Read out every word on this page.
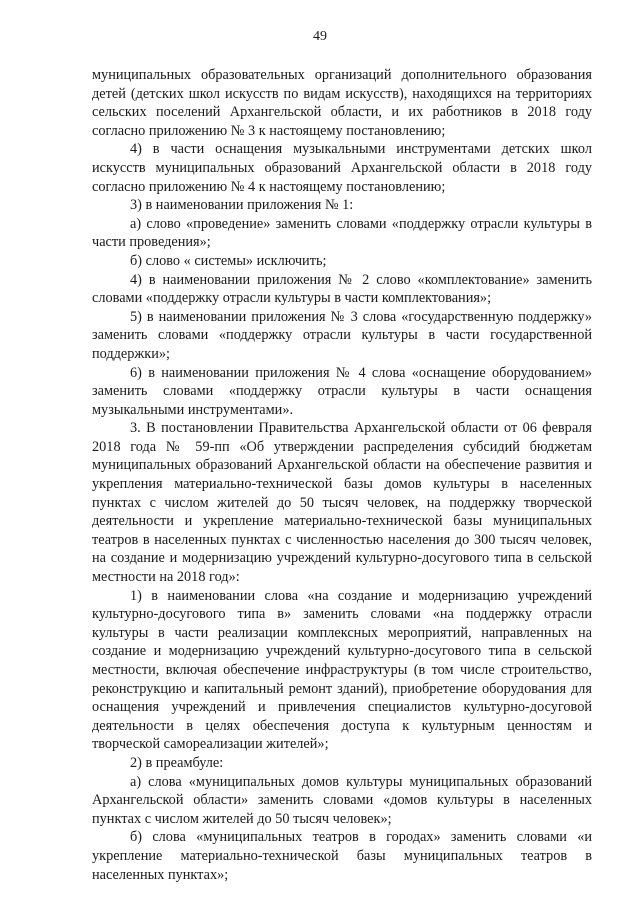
49

муниципальных образовательных организаций дополнительного образования детей (детских школ искусств по видам искусств), находящихся на территориях сельских поселений Архангельской области, и их работников в 2018 году согласно приложению № 3 к настоящему постановлению;

4) в части оснащения музыкальными инструментами детских школ искусств муниципальных образований Архангельской области в 2018 году согласно приложению № 4 к настоящему постановлению;

3) в наименовании приложения № 1:

а) слово «проведение» заменить словами «поддержку отрасли культуры в части проведения»;

б) слово « системы» исключить;

4) в наименовании приложения № 2 слово «комплектование» заменить словами «поддержку отрасли культуры в части комплектования»;

5) в наименовании приложения № 3 слова «государственную поддержку» заменить словами «поддержку отрасли культуры в части государственной поддержки»;

6) в наименовании приложения № 4 слова «оснащение оборудованием» заменить словами «поддержку отрасли культуры в части оснащения музыкальными инструментами».

3. В постановлении Правительства Архангельской области от 06 февраля 2018 года № 59-пп «Об утверждении распределения субсидий бюджетам муниципальных образований Архангельской области на обеспечение развития и укрепления материально-технической базы домов культуры в населенных пунктах с числом жителей до 50 тысяч человек, на поддержку творческой деятельности и укрепление материально-технической базы муниципальных театров в населенных пунктах с численностью населения до 300 тысяч человек, на создание и модернизацию учреждений культурно-досугового типа в сельской местности на 2018 год»:

1) в наименовании слова «на создание и модернизацию учреждений культурно-досугового типа в» заменить словами «на поддержку отрасли культуры в части реализации комплексных мероприятий, направленных на создание и модернизацию учреждений культурно-досугового типа в сельской местности, включая обеспечение инфраструктуры (в том числе строительство, реконструкцию и капитальный ремонт зданий), приобретение оборудования для оснащения учреждений и привлечения специалистов культурно-досуговой деятельности в целях обеспечения доступа к культурным ценностям и творческой самореализации жителей»;

2) в преамбуле:

а) слова «муниципальных домов культуры муниципальных образований Архангельской области» заменить словами «домов культуры в населенных пунктах с числом жителей до 50 тысяч человек»;

б) слова «муниципальных театров в городах» заменить словами «и укрепление материально-технической базы муниципальных театров в населенных пунктах»;
